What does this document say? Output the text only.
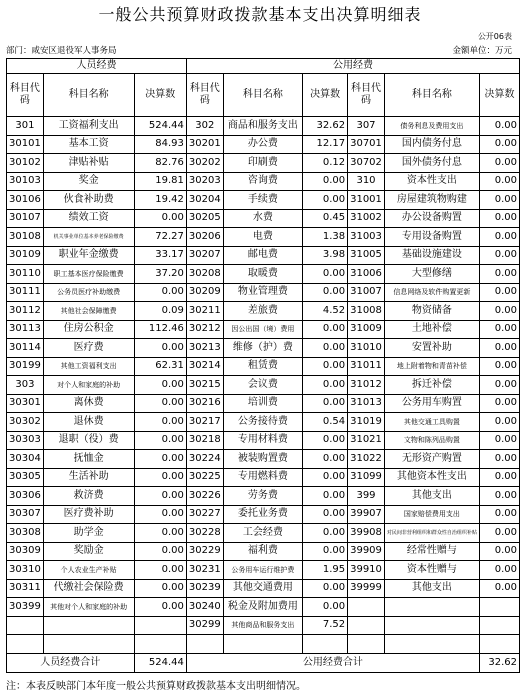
一般公共预算财政拨款基本支出决算明细表
公开06表
部门：咸安区退役军人事务局	金额单位：万元
人员经费			公用经费					
科目代码	科目名称	决算数	科目代码	科目名称	决算数	科目代码	科目名称	决算数
301	工资福利支出	524.44	302	商品和服务支出	32.62	307	债务利息及费用支出	0.00
30101	基本工资	84.93	30201	办公费	12.17	30701	国内债务付息	0.00
30102	津贴补贴	82.76	30202	印刷费	0.12	30702	国外债务付息	0.00
30103	奖金	19.81	30203	咨询费	0.00	310	资本性支出	0.00
30106	伙食补助费	19.42	30204	手续费	0.00	31001	房屋建筑物购建	0.00
30107	绩效工资	0.00	30205	水费	0.45	31002	办公设备购置	0.00
30108	机关事业单位基本养老保险缴费	72.27	30206	电费	1.38	31003	专用设备购置	0.00
30109	职业年金缴费	33.17	30207	邮电费	3.98	31005	基础设施建设	0.00
30110	职工基本医疗保险缴费	37.20	30208	取暖费	0.00	31006	大型修缮	0.00
30111	公务员医疗补助缴费	0.00	30209	物业管理费	0.00	31007	信息网络及软件购置更新	0.00
30112	其他社会保障缴费	0.09	30211	差旅费	4.52	31008	物资储备	0.00
30113	住房公积金	112.46	30212	因公出国（境）费用	0.00	31009	土地补偿	0.00
30114	医疗费	0.00	30213	维修（护）费	0.00	31010	安置补助	0.00
30199	其他工资福利支出	62.31	30214	租赁费	0.00	31011	地上附着物和青苗补偿	0.00
303	对个人和家庭的补助	0.00	30215	会议费	0.00	31012	拆迁补偿	0.00
30301	离休费	0.00	30216	培训费	0.00	31013	公务用车购置	0.00
30302	退休费	0.00	30217	公务接待费	0.54	31019	其他交通工具购置	0.00
30303	退职（役）费	0.00	30218	专用材料费	0.00	31021	文物和陈列品购置	0.00
30304	抚恤金	0.00	30224	被装购置费	0.00	31022	无形资产购置	0.00
30305	生活补助	0.00	30225	专用燃料费	0.00	31099	其他资本性支出	0.00
30306	救济费	0.00	30226	劳务费	0.00	399	其他支出	0.00
30307	医疗费补助	0.00	30227	委托业务费	0.00	39907	国家赔偿费用支出	0.00
30308	助学金	0.00	30228	工会经费	0.00	39908	对民间非营利组织和群众性自治组织补贴	0.00
30309	奖励金	0.00	30229	福利费	0.00	39909	经常性赠与	0.00
30310	个人农业生产补贴	0.00	30231	公务用车运行维护费	1.95	39910	资本性赠与	0.00
30311	代缴社会保险费	0.00	30239	其他交通费用	0.00	39999	其他支出	0.00
30399	其他对个人和家庭的补助	0.00	30240	税金及附加费用	0.00			
			30299	其他商品和服务支出	7.52			

人员经费合计		524.44	公用经费合计					32.62
注：本表反映部门本年度一般公共预算财政拨款基本支出明细情况。
